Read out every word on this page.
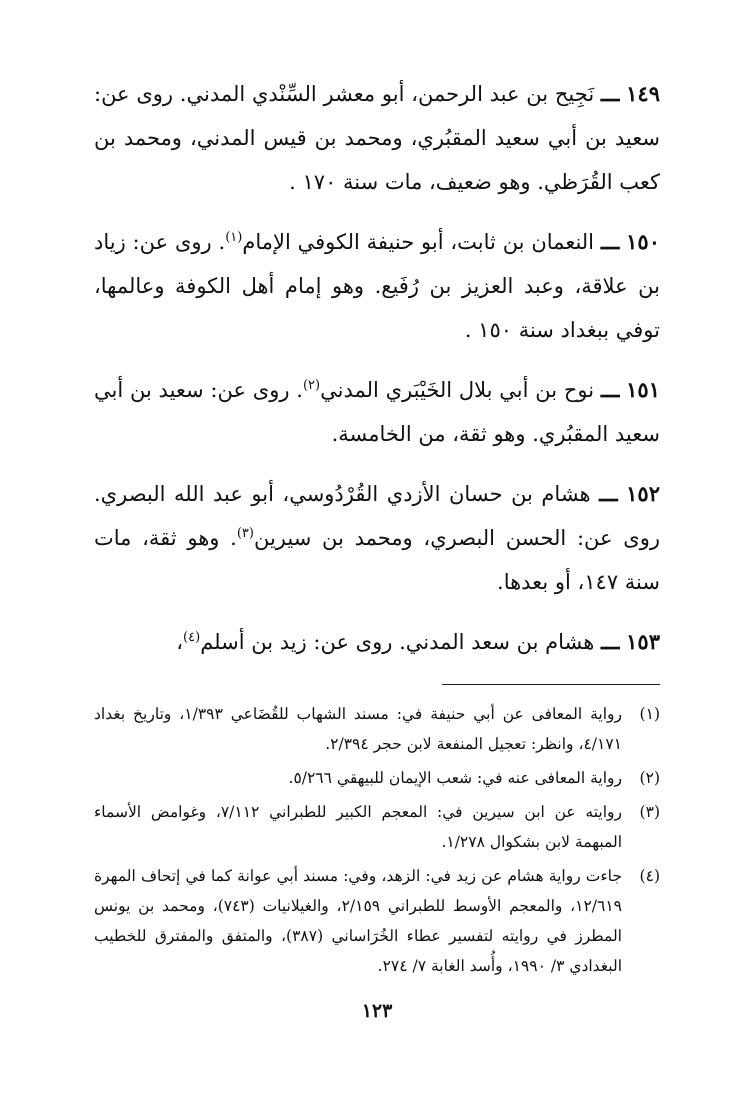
١٤٩ ـــ نَجِيح بن عبد الرحمن، أبو معشر السِّنْدي المدني. روى عن: سعيد بن أبي سعيد المقبُري، ومحمد بن قيس المدني، ومحمد بن كعب القُرَظي. وهو ضعيف، مات سنة ١٧٠ .

١٥٠ ـــ النعمان بن ثابت، أبو حنيفة الكوفي الإمام$^{(١)}$. روى عن: زياد بن علاقة، وعبد العزيز بن رُفَيع. وهو إمام أهل الكوفة وعالمها، توفي ببغداد سنة ١٥٠ .

١٥١ ـــ نوح بن أبي بلال الخَيْبَري المدني$^{(٢)}$. روى عن: سعيد بن أبي سعيد المقبُري. وهو ثقة، من الخامسة.

١٥٢ ـــ هشام بن حسان الأزدي القُرْدُوسي، أبو عبد الله البصري. روى عن: الحسن البصري، ومحمد بن سيرين$^{(٣)}$. وهو ثقة، مات سنة ١٤٧، أو بعدها.

١٥٣ ـــ هشام بن سعد المدني. روى عن: زيد بن أسلم$^{(٤)}$،

(١)
رواية المعافى عن أبي حنيفة في: مسند الشهاب للقُضَاعي ١/٣٩٣، وتاريخ بغداد ٤/١٧١، وانظر: تعجيل المنفعة لابن حجر ٢/٣٩٤.
(٢)
رواية المعافى عنه في: شعب الإيمان للبيهقي ٥/٢٦٦.
(٣)
روايته عن ابن سيرين في: المعجم الكبير للطبراني ٧/١١٢، وغوامض الأسماء المبهمة لابن بشكوال ١/٢٧٨.
(٤)
جاءت رواية هشام عن زيد في: الزهد، وفي: مسند أبي عوانة كما في إتحاف المهرة ١٢/٦١٩، والمعجم الأوسط للطبراني ٢/١٥٩، والغيلانيات (٧٤٣)، ومحمد بن يونس المطرز في روايته لتفسير عطاء الخُرَاساني (٣٨٧)، والمتفق والمفترق للخطيب البغدادي ٣/ ١٩٩٠، وأُسد الغابة ٧/ ٢٧٤.
١٢٣
